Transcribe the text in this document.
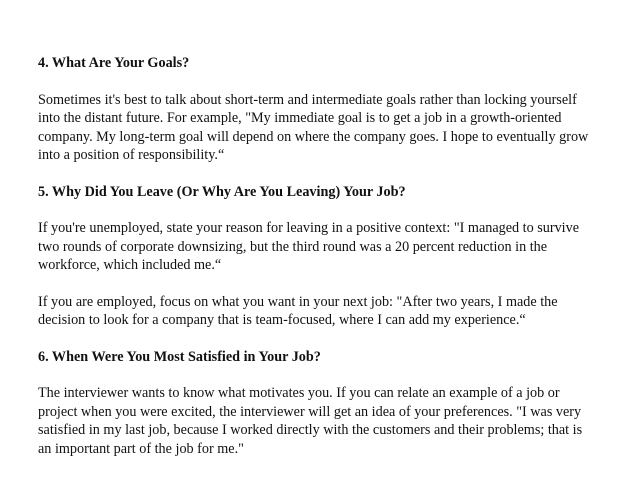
4. What Are Your Goals?
Sometimes it's best to talk about short-term and intermediate goals rather than locking yourself into the distant future. For example, "My immediate goal is to get a job in a growth-oriented company. My long-term goal will depend on where the company goes. I hope to eventually grow into a position of responsibility.“
5. Why Did You Leave (Or Why Are You Leaving) Your Job?
If you're unemployed, state your reason for leaving in a positive context: "I managed to survive two rounds of corporate downsizing, but the third round was a 20 percent reduction in the workforce, which included me.“
If you are employed, focus on what you want in your next job: "After two years, I made the decision to look for a company that is team-focused, where I can add my experience.“
6. When Were You Most Satisfied in Your Job?
The interviewer wants to know what motivates you. If you can relate an example of a job or project when you were excited, the interviewer will get an idea of your preferences. "I was very satisfied in my last job, because I worked directly with the customers and their problems; that is an important part of the job for me."
